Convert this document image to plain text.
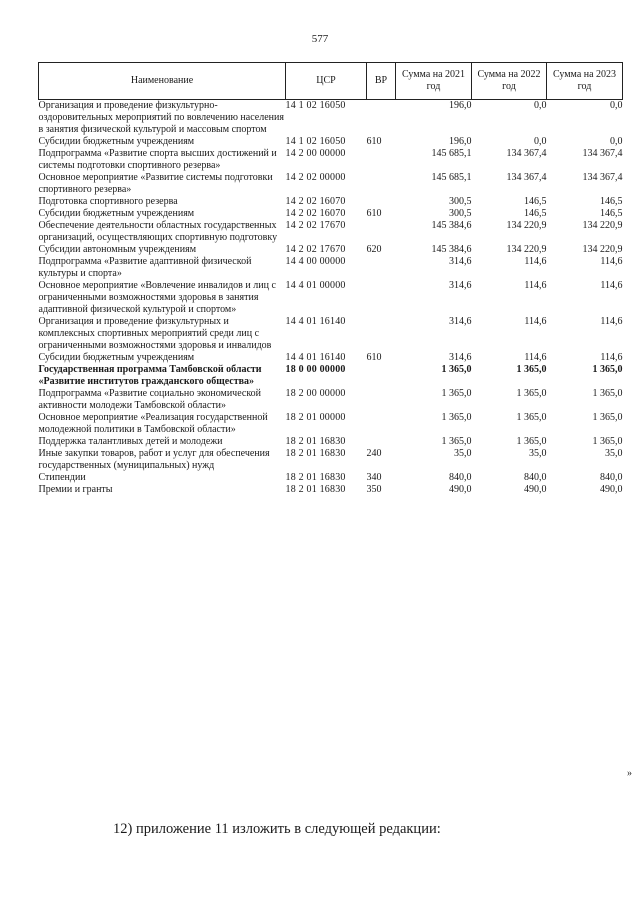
577
Наименование	ЦСР	ВР	Сумма на 2021 год	Сумма на 2022 год	Сумма на 2023 год
Организация и проведение физкультурно-оздоровительных мероприятий по вовлечению населения в занятия физической культурой и массовым спортом	14 1 02 16050		196,0	0,0	0,0
Субсидии бюджетным учреждениям	14 1 02 16050	610	196,0	0,0	0,0
Подпрограмма «Развитие спорта высших достижений и системы подготовки спортивного резерва»	14 2 00 00000		145 685,1	134 367,4	134 367,4
Основное мероприятие «Развитие системы подготовки спортивного резерва»	14 2 02 00000		145 685,1	134 367,4	134 367,4
Подготовка спортивного резерва	14 2 02 16070		300,5	146,5	146,5
Субсидии бюджетным учреждениям	14 2 02 16070	610	300,5	146,5	146,5
Обеспечение деятельности областных государственных организаций, осуществляющих спортивную подготовку	14 2 02 17670		145 384,6	134 220,9	134 220,9
Субсидии автономным учреждениям	14 2 02 17670	620	145 384,6	134 220,9	134 220,9
Подпрограмма «Развитие адаптивной физической культуры и спорта»	14 4 00 00000		314,6	114,6	114,6
Основное мероприятие «Вовлечение инвалидов и лиц с ограниченными возможностями здоровья в занятия адаптивной физической культурой и спортом»	14 4 01 00000		314,6	114,6	114,6
Организация и проведение физкультурных и комплексных спортивных мероприятий среди лиц с ограниченными возможностями здоровья и инвалидов	14 4 01 16140		314,6	114,6	114,6
Субсидии бюджетным учреждениям	14 4 01 16140	610	314,6	114,6	114,6
Государственная программа Тамбовской области «Развитие институтов гражданского общества»	18 0 00 00000		1 365,0	1 365,0	1 365,0
Подпрограмма «Развитие социально экономической активности молодежи Тамбовской области»	18 2 00 00000		1 365,0	1 365,0	1 365,0
Основное мероприятие «Реализация государственной молодежной политики в Тамбовской области»	18 2 01 00000		1 365,0	1 365,0	1 365,0
Поддержка талантливых детей и молодежи	18 2 01 16830		1 365,0	1 365,0	1 365,0
Иные закупки товаров, работ и услуг для обеспечения государственных (муниципальных) нужд	18 2 01 16830	240	35,0	35,0	35,0
Стипендии	18 2 01 16830	340	840,0	840,0	840,0
Премии и гранты	18 2 01 16830	350	490,0	490,0	490,0
»
12) приложение 11 изложить в следующей редакции:
